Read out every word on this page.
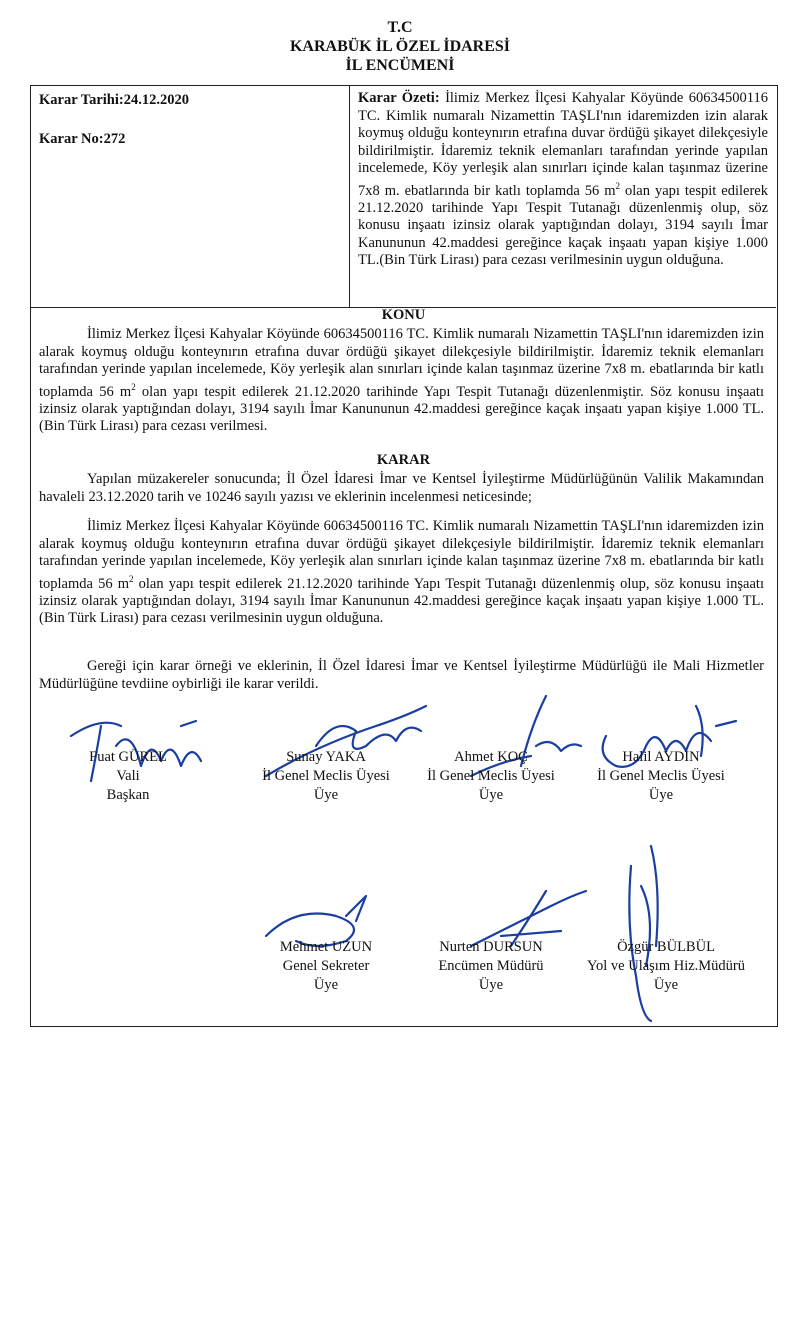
T.C
KARABÜK İL ÖZEL İDARESİ
İL ENCÜMENİ
Karar Tarihi:24.12.2020
Karar No:272
Karar Özeti: İlimiz Merkez İlçesi Kahyalar Köyünde 60634500116 TC. Kimlik numaralı Nizamettin TAŞLI'nın idaremizden izin alarak koymuş olduğu konteynırın etrafına duvar ördüğü şikayet dilekçesiyle bildirilmiştir. İdaremiz teknik elemanları tarafından yerinde yapılan incelemede, Köy yerleşik alan sınırları içinde kalan taşınmaz üzerine 7x8 m. ebatlarında bir katlı toplamda 56 $m^2$ olan yapı tespit edilerek 21.12.2020 tarihinde Yapı Tespit Tutanağı düzenlenmiş olup, söz konusu inşaatı izinsiz olarak yaptığından dolayı, 3194 sayılı İmar Kanununun 42.maddesi gereğince kaçak inşaatı yapan kişiye 1.000 TL.(Bin Türk Lirası) para cezası verilmesinin uygun olduğuna.
KONU
İlimiz Merkez İlçesi Kahyalar Köyünde 60634500116 TC. Kimlik numaralı Nizamettin TAŞLI'nın idaremizden izin alarak koymuş olduğu konteynırın etrafına duvar ördüğü şikayet dilekçesiyle bildirilmiştir. İdaremiz teknik elemanları tarafından yerinde yapılan incelemede, Köy yerleşik alan sınırları içinde kalan taşınmaz üzerine 7x8 m. ebatlarında bir katlı toplamda 56 $m^2$ olan yapı tespit edilerek 21.12.2020 tarihinde Yapı Tespit Tutanağı düzenlenmiştir. Söz konusu inşaatı izinsiz olarak yaptığından dolayı, 3194 sayılı İmar Kanununun 42.maddesi gereğince kaçak inşaatı yapan kişiye 1.000 TL.(Bin Türk Lirası) para cezası verilmesi.
KARAR
Yapılan müzakereler sonucunda; İl Özel İdaresi İmar ve Kentsel İyileştirme Müdürlüğünün Valilik Makamından havaleli 23.12.2020 tarih ve 10246 sayılı yazısı ve eklerinin incelenmesi neticesinde;
İlimiz Merkez İlçesi Kahyalar Köyünde 60634500116 TC. Kimlik numaralı Nizamettin TAŞLI'nın idaremizden izin alarak koymuş olduğu konteynırın etrafına duvar ördüğü şikayet dilekçesiyle bildirilmiştir. İdaremiz teknik elemanları tarafından yerinde yapılan incelemede, Köy yerleşik alan sınırları içinde kalan taşınmaz üzerine 7x8 m. ebatlarında bir katlı toplamda 56 $m^2$ olan yapı tespit edilerek 21.12.2020 tarihinde Yapı Tespit Tutanağı düzenlenmiş olup, söz konusu inşaatı izinsiz olarak yaptığından dolayı, 3194 sayılı İmar Kanununun 42.maddesi gereğince kaçak inşaatı yapan kişiye 1.000 TL.(Bin Türk Lirası) para cezası verilmesinin uygun olduğuna.
Gereği için karar örneği ve eklerinin, İl Özel İdaresi İmar ve Kentsel İyileştirme Müdürlüğü ile Mali Hizmetler Müdürlüğüne tevdiine oybirliği ile karar verildi.
Fuat GÜREL
Vali
Başkan
Sunay YAKA
İl Genel Meclis Üyesi
Üye
Ahmet KOÇ
İl Genel Meclis Üyesi
Üye
Halil AYDIN
İl Genel Meclis Üyesi
Üye
Mehmet UZUN
Genel Sekreter
Üye
Nurten DURSUN
Encümen Müdürü
Üye
Özgür BÜLBÜL
Yol ve Ulaşım Hiz.Müdürü
Üye
